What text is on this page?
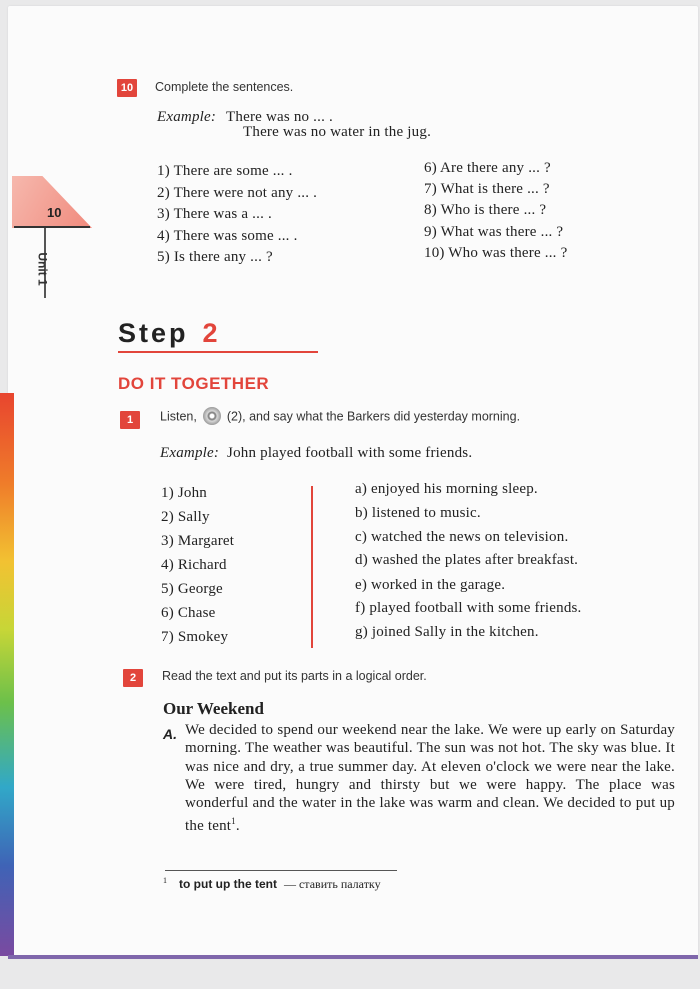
10
Unit 1
10	Complete the sentences.
Example: There was no ... .
There was no water in the jug.
1) There are some ... .
2) There were not any ... .
3) There was a ... .
4) There was some ... .
5) Is there any ... ?
6) Are there any ... ?
7) What is there ... ?
8) Who is there ... ?
9) What was there ... ?
10) Who was there ... ?
Step 2
DO IT TOGETHER
1	Listen, (2), and say what the Barkers did yesterday morning.
Example: John played football with some friends.
1) John
2) Sally
3) Margaret
4) Richard
5) George
6) Chase
7) Smokey
a) enjoyed his morning sleep.
b) listened to music.
c) watched the news on television.
d) washed the plates after breakfast.
e) worked in the garage.
f) played football with some friends.
g) joined Sally in the kitchen.
2	Read the text and put its parts in a logical order.
Our Weekend
A. We decided to spend our weekend near the lake. We were up early on Saturday morning. The weather was beautiful. The sun was not hot. The sky was blue. It was nice and dry, a true summer day. At eleven o'clock we were near the lake. We were tired, hungry and thirsty but we were happy. The place was wonderful and the water in the lake was warm and clean. We decided to put up the tent$^1$.
$^1$ to put up the tent — ставить палатку
